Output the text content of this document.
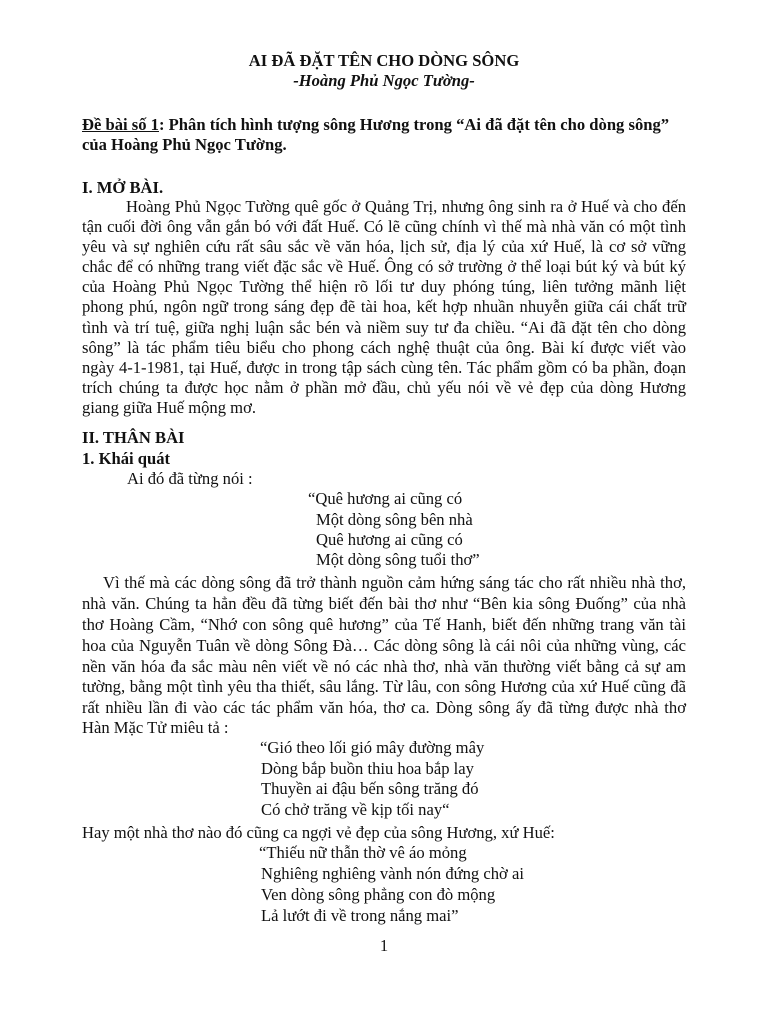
AI ĐÃ ĐẶT TÊN CHO DÒNG SÔNG
-Hoàng Phủ Ngọc Tường-
Đề bài số 1: Phân tích hình tượng sông Hương trong “Ai đã đặt tên cho dòng sông”
của Hoàng Phủ Ngọc Tường.
I. MỞ BÀI.
Hoàng Phủ Ngọc Tường quê gốc ở Quảng Trị, nhưng ông sinh ra ở Huế và cho đến
tận cuối đời ông vẫn gắn bó với đất Huế. Có lẽ cũng chính vì thế mà nhà văn có một tình
yêu và sự nghiên cứu rất sâu sắc về văn hóa, lịch sử, địa lý của xứ Huế, là cơ sở vững
chắc để có những trang viết đặc sắc về Huế. Ông có sở trường ở thể loại bút ký và bút ký
của Hoàng Phủ Ngọc Tường thể hiện rõ lối tư duy phóng túng, liên tưởng mãnh liệt
phong phú, ngôn ngữ trong sáng đẹp đẽ tài hoa, kết hợp nhuần nhuyễn giữa cái chất trữ
tình và trí tuệ, giữa nghị luận sắc bén và niềm suy tư đa chiều. “Ai đã đặt tên cho dòng
sông” là tác phẩm tiêu biểu cho phong cách nghệ thuật của ông. Bài kí được viết vào
ngày 4-1-1981, tại Huế, được in trong tập sách cùng tên. Tác phẩm gồm có ba phần, đoạn
trích chúng ta được học nằm ở phần mở đầu, chủ yếu nói về vẻ đẹp của dòng Hương
giang giữa Huế mộng mơ.
II. THÂN BÀI
1. Khái quát
Ai đó đã từng nói :
“Quê hương ai cũng có
Một dòng sông bên nhà
Quê hương ai cũng có
Một dòng sông tuổi thơ”
Vì thế mà các dòng sông đã trở thành nguồn cảm hứng sáng tác cho rất nhiều nhà thơ,
nhà văn. Chúng ta hẳn đều đã từng biết đến bài thơ như “Bên kia sông Đuống” của nhà
thơ Hoàng Cầm, “Nhớ con sông quê hương” của Tế Hanh, biết đến những trang văn tài
hoa của Nguyễn Tuân về dòng Sông Đà… Các dòng sông là cái nôi của những vùng, các
nền văn hóa đa sắc màu nên viết về nó các nhà thơ, nhà văn thường viết bằng cả sự am
tường, bằng một tình yêu tha thiết, sâu lắng. Từ lâu, con sông Hương của xứ Huế cũng đã
rất nhiều lần đi vào các tác phẩm văn hóa, thơ ca. Dòng sông ấy đã từng được nhà thơ
Hàn Mặc Tử miêu tả :
“Gió theo lối gió mây đường mây
Dòng bắp buồn thiu hoa bắp lay
Thuyền ai đậu bến sông trăng đó
Có chở trăng về kịp tối nay“
Hay một nhà thơ nào đó cũng ca ngợi vẻ đẹp của sông Hương, xứ Huế:
“Thiếu nữ thẫn thờ vê áo mỏng
Nghiêng nghiêng vành nón đứng chờ ai
Ven dòng sông phẳng con đò mộng
Lả lướt đi về trong nắng mai”
1
